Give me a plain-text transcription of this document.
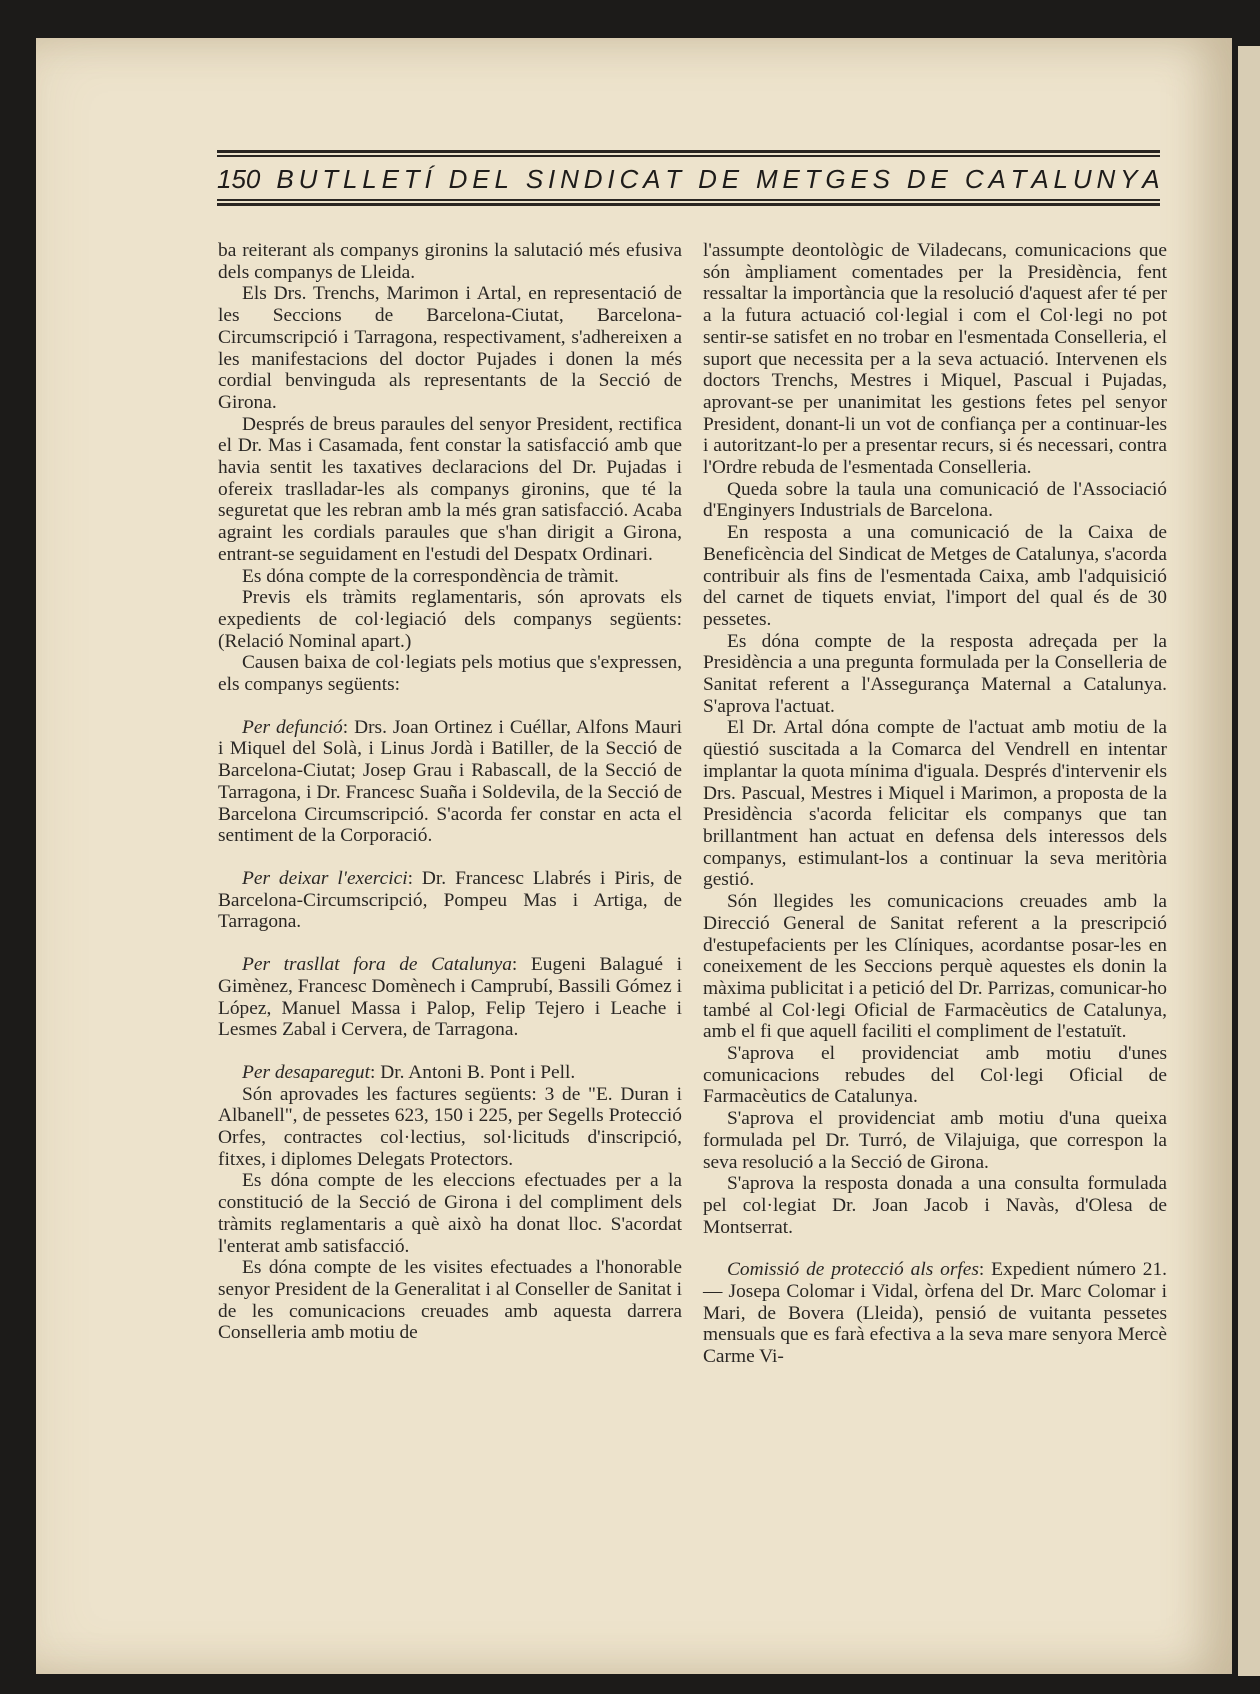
150 B U T L L E T Í
D E L
S I N D I C A T
D E
M E T G E S
D E
C A T A L U N Y A

ba reiterant als companys gironins la salutació més efusiva dels companys de Lleida.

Els Drs. Trenchs, Marimon i Artal, en representació de les Seccions de Barcelona-Ciutat, Barcelona-Circumscripció i Tarragona, respectivament, s'adhereixen a les manifestacions del doctor Pujades i donen la més cordial benvinguda als representants de la Secció de Girona.

Després de breus paraules del senyor President, rectifica el Dr. Mas i Casamada, fent constar la satisfacció amb que havia sentit les taxatives declaracions del Dr. Pujadas i ofereix traslladar-les als companys gironins, que té la seguretat que les rebran amb la més gran satisfacció. Acaba agraint les cordials paraules que s'han dirigit a Girona, entrant-se seguidament en l'estudi del Despatx Ordinari.

Es dóna compte de la correspondència de tràmit.

Previs els tràmits reglamentaris, són aprovats els expedients de col·legiació dels companys següents: (Relació Nominal apart.)

Causen baixa de col·legiats pels motius que s'expressen, els companys següents:

Per defunció: Drs. Joan Ortinez i Cuéllar, Alfons Mauri i Miquel del Solà, i Linus Jordà i Batiller, de la Secció de Barcelona-Ciutat; Josep Grau i Rabascall, de la Secció de Tarragona, i Dr. Francesc Suaña i Soldevila, de la Secció de Barcelona Circumscripció. S'acorda fer constar en acta el sentiment de la Corporació.

Per deixar l'exercici: Dr. Francesc Llabrés i Piris, de Barcelona-Circumscripció, Pompeu Mas i Artiga, de Tarragona.

Per trasllat fora de Catalunya: Eugeni Balagué i Gimènez, Francesc Domènech i Camprubí, Bassili Gómez i López, Manuel Massa i Palop, Felip Tejero i Leache i Lesmes Zabal i Cervera, de Tarragona.

Per desaparegut: Dr. Antoni B. Pont i Pell.

Són aprovades les factures següents: 3 de "E. Duran i Albanell", de pessetes 623, 150 i 225, per Segells Protecció Orfes, contractes col·lectius, sol·licituds d'inscripció, fitxes, i diplomes Delegats Protectors.

Es dóna compte de les eleccions efectuades per a la constitució de la Secció de Girona i del compliment dels tràmits reglamentaris a què això ha donat lloc. S'acordat l'enterat amb satisfacció.

Es dóna compte de les visites efectuades a l'honorable senyor President de la Generalitat i al Conseller de Sanitat i de les comunicacions creuades amb aquesta darrera Conselleria amb motiu de

l'assumpte deontològic de Viladecans, comunicacions que són àmpliament comentades per la Presidència, fent ressaltar la importància que la resolució d'aquest afer té per a la futura actuació col·legial i com el Col·legi no pot sentir-se satisfet en no trobar en l'esmentada Conselleria, el suport que necessita per a la seva actuació. Intervenen els doctors Trenchs, Mestres i Miquel, Pascual i Pujadas, aprovant-se per unanimitat les gestions fetes pel senyor President, donant-li un vot de confiança per a continuar-les i autoritzant-lo per a presentar recurs, si és necessari, contra l'Ordre rebuda de l'esmentada Conselleria.

Queda sobre la taula una comunicació de l'Associació d'Enginyers Industrials de Barcelona.

En resposta a una comunicació de la Caixa de Beneficència del Sindicat de Metges de Catalunya, s'acorda contribuir als fins de l'esmentada Caixa, amb l'adquisició del carnet de tiquets enviat, l'import del qual és de 30 pessetes.

Es dóna compte de la resposta adreçada per la Presidència a una pregunta formulada per la Conselleria de Sanitat referent a l'Assegurança Maternal a Catalunya. S'aprova l'actuat.

El Dr. Artal dóna compte de l'actuat amb motiu de la qüestió suscitada a la Comarca del Vendrell en intentar implantar la quota mínima d'iguala. Després d'intervenir els Drs. Pascual, Mestres i Miquel i Marimon, a proposta de la Presidència s'acorda felicitar els companys que tan brillantment han actuat en defensa dels interessos dels companys, estimulant-los a continuar la seva meritòria gestió.

Són llegides les comunicacions creuades amb la Direcció General de Sanitat referent a la prescripció d'estupefacients per les Clíniques, acordantse posar-les en coneixement de les Seccions perquè aquestes els donin la màxima publicitat i a petició del Dr. Parrizas, comunicar-ho també al Col·legi Oficial de Farmacèutics de Catalunya, amb el fi que aquell faciliti el compliment de l'estatuït.

S'aprova el providenciat amb motiu d'unes comunicacions rebudes del Col·legi Oficial de Farmacèutics de Catalunya.

S'aprova el providenciat amb motiu d'una queixa formulada pel Dr. Turró, de Vilajuiga, que correspon la seva resolució a la Secció de Girona.

S'aprova la resposta donada a una consulta formulada pel col·legiat Dr. Joan Jacob i Navàs, d'Olesa de Montserrat.

Comissió de protecció als orfes: Expedient número 21. — Josepa Colomar i Vidal, òrfena del Dr. Marc Colomar i Mari, de Bovera (Lleida), pensió de vuitanta pessetes mensuals que es farà efectiva a la seva mare senyora Mercè Carme Vi-
